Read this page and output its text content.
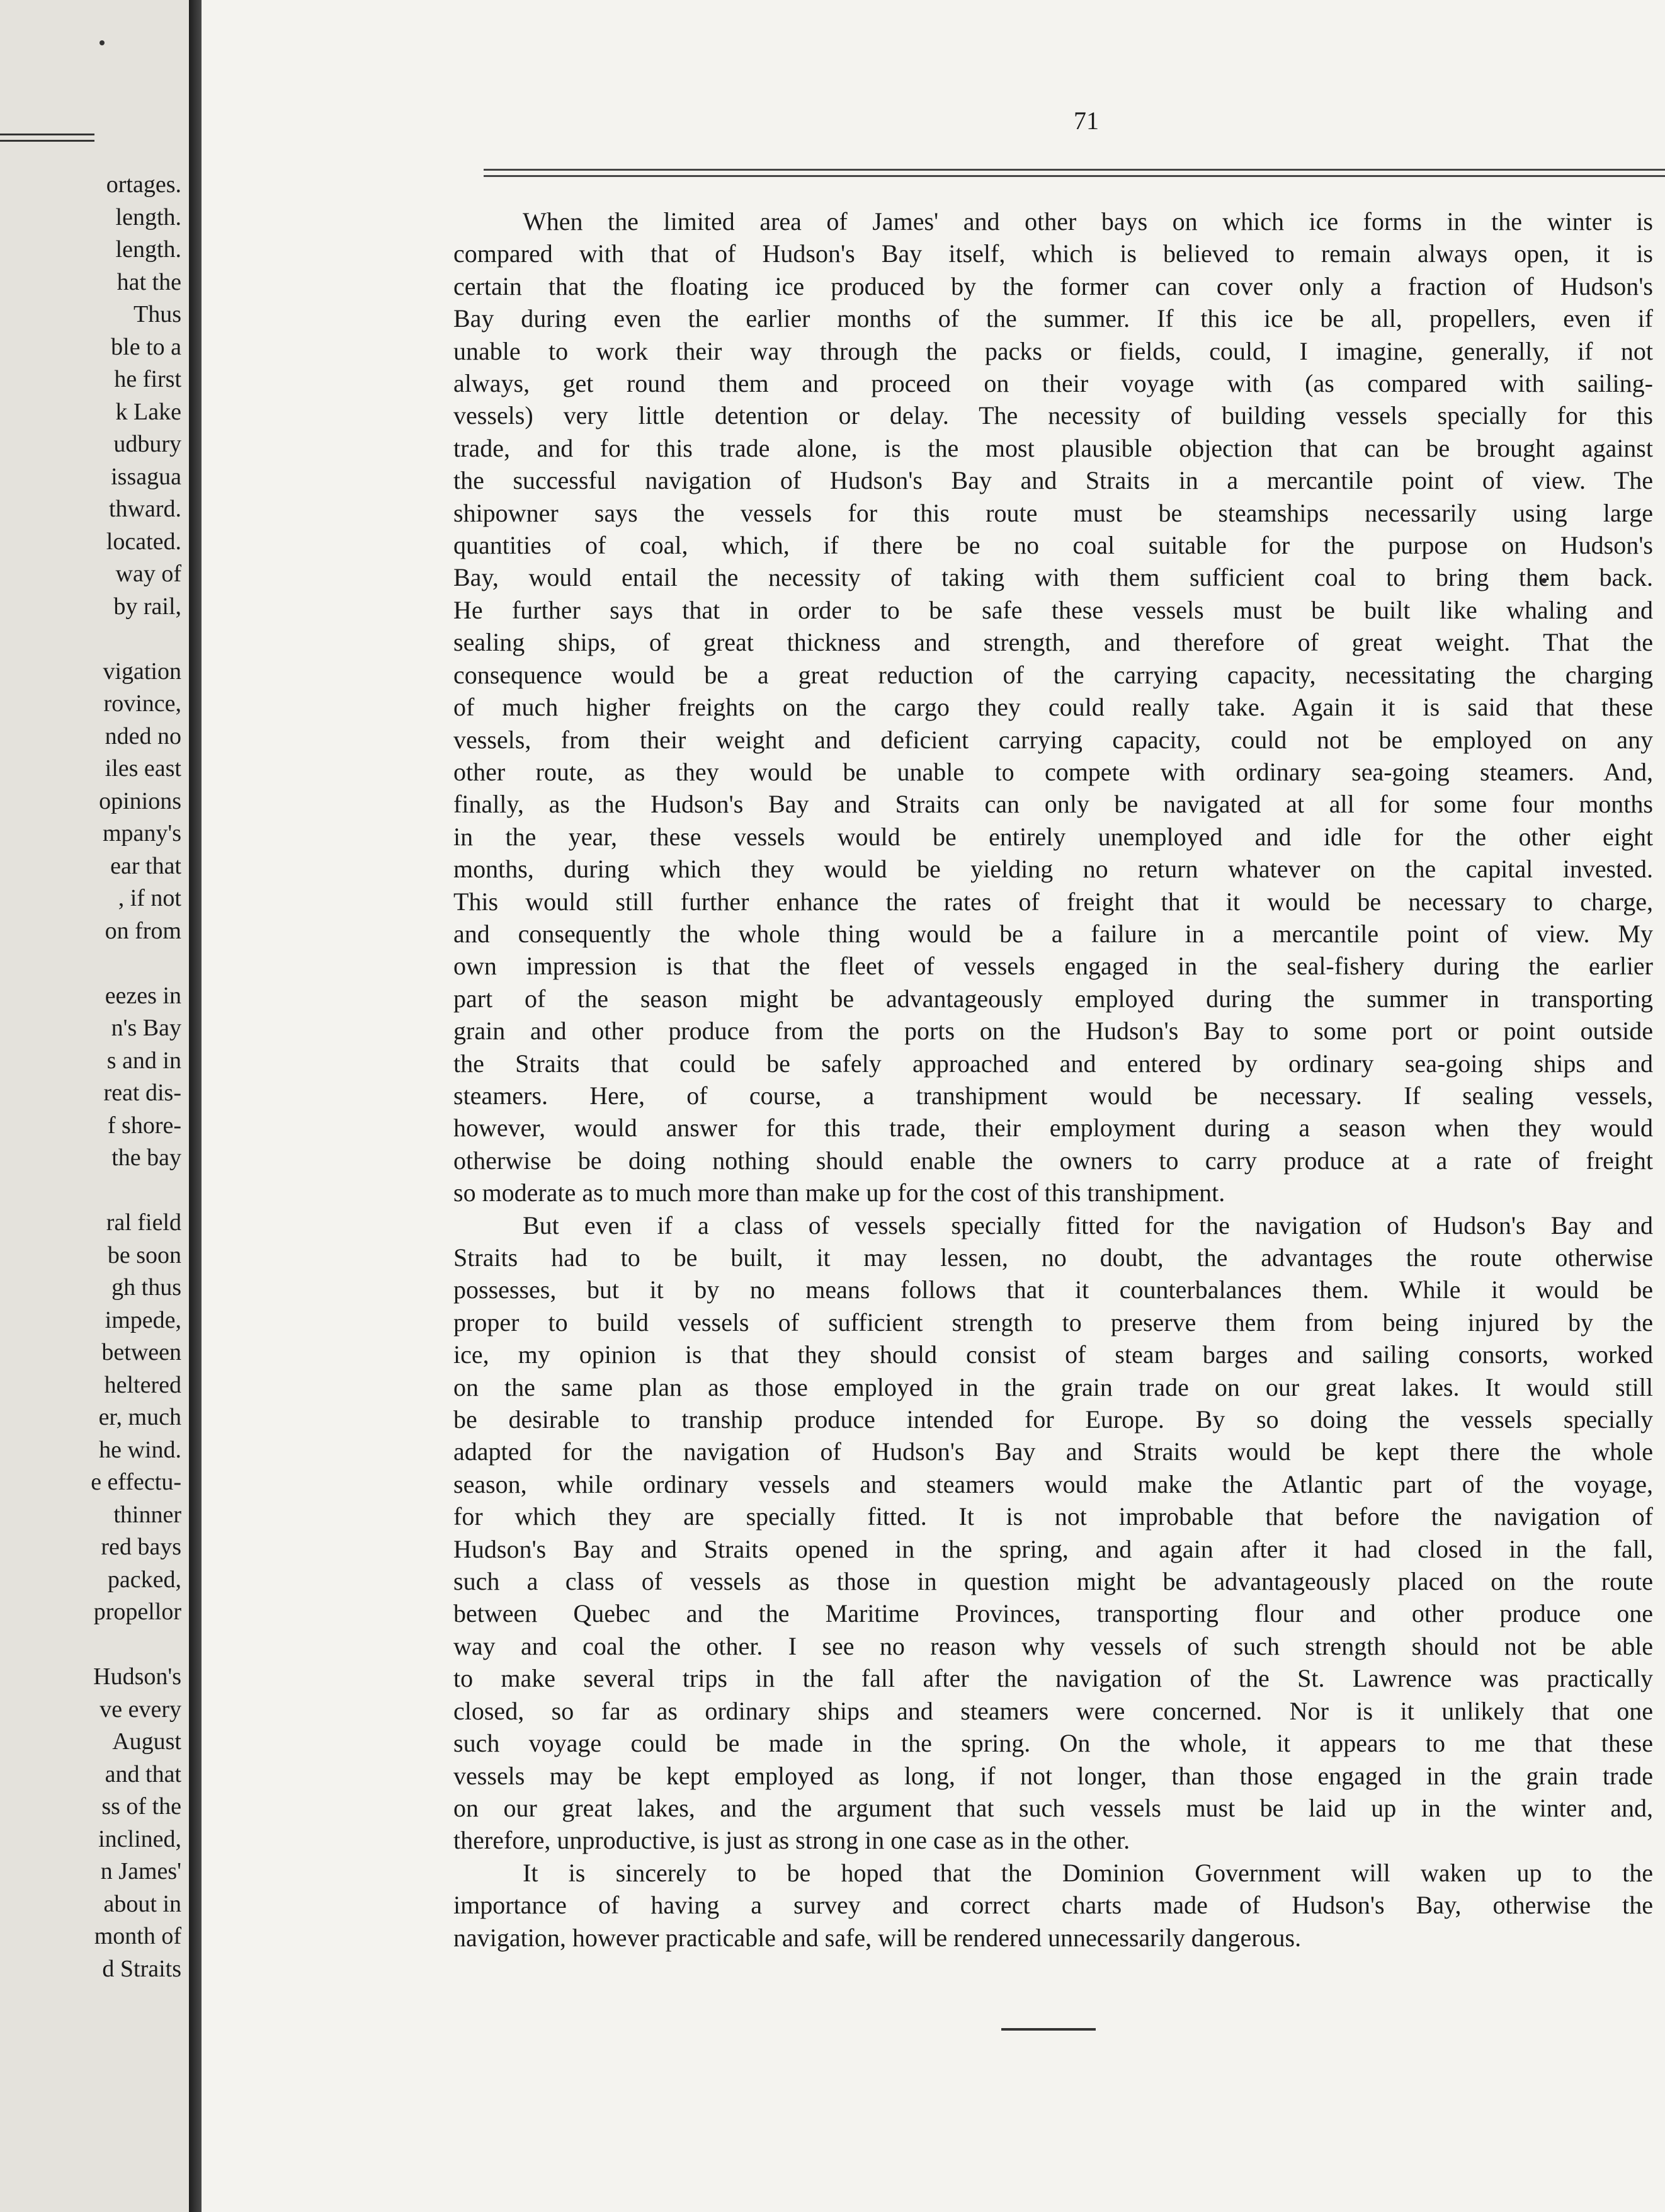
ortages.
length.
length.
hat the
Thus
ble to a
he first
k Lake
udbury
issagua
thward.
located.
way of
by rail,

vigation
rovince,
nded no
iles east
opinions
mpany's
ear that
, if not
on from

eezes in
n's Bay
s and in
reat dis-
f shore-
the bay

ral field
be soon
gh thus
impede,
between
heltered
er, much
he wind.
e effectu-
thinner
red bays
packed,
propellor

Hudson's
ve every
August
and that
ss of the
inclined,
n James'
about in
month of
d Straits
71
When the limited area of James' and other bays on which ice forms in the winter is
compared with that of Hudson's Bay itself, which is believed to remain always open, it is
certain that the floating ice produced by the former can cover only a fraction of Hudson's
Bay during even the earlier months of the summer. If this ice be all, propellers, even if
unable to work their way through the packs or fields, could, I imagine, generally, if not
always, get round them and proceed on their voyage with (as compared with sailing-
vessels) very little detention or delay. The necessity of building vessels specially for this
trade, and for this trade alone, is the most plausible objection that can be brought against
the successful navigation of Hudson's Bay and Straits in a mercantile point of view. The
shipowner says the vessels for this route must be steamships necessarily using large
quantities of coal, which, if there be no coal suitable for the purpose on Hudson's
Bay, would entail the necessity of taking with them sufficient coal to bring them back.
He further says that in order to be safe these vessels must be built like whaling and
sealing ships, of great thickness and strength, and therefore of great weight. That the
consequence would be a great reduction of the carrying capacity, necessitating the charging
of much higher freights on the cargo they could really take. Again it is said that these
vessels, from their weight and deficient carrying capacity, could not be employed on any
other route, as they would be unable to compete with ordinary sea-going steamers. And,
finally, as the Hudson's Bay and Straits can only be navigated at all for some four months
in the year, these vessels would be entirely unemployed and idle for the other eight
months, during which they would be yielding no return whatever on the capital invested.
This would still further enhance the rates of freight that it would be necessary to charge,
and consequently the whole thing would be a failure in a mercantile point of view. My
own impression is that the fleet of vessels engaged in the seal-fishery during the earlier
part of the season might be advantageously employed during the summer in transporting
grain and other produce from the ports on the Hudson's Bay to some port or point outside
the Straits that could be safely approached and entered by ordinary sea-going ships and
steamers. Here, of course, a transhipment would be necessary. If sealing vessels,
however, would answer for this trade, their employment during a season when they would
otherwise be doing nothing should enable the owners to carry produce at a rate of freight
so moderate as to much more than make up for the cost of this transhipment.
But even if a class of vessels specially fitted for the navigation of Hudson's Bay and
Straits had to be built, it may lessen, no doubt, the advantages the route otherwise
possesses, but it by no means follows that it counterbalances them. While it would be
proper to build vessels of sufficient strength to preserve them from being injured by the
ice, my opinion is that they should consist of steam barges and sailing consorts, worked
on the same plan as those employed in the grain trade on our great lakes. It would still
be desirable to tranship produce intended for Europe. By so doing the vessels specially
adapted for the navigation of Hudson's Bay and Straits would be kept there the whole
season, while ordinary vessels and steamers would make the Atlantic part of the voyage,
for which they are specially fitted. It is not improbable that before the navigation of
Hudson's Bay and Straits opened in the spring, and again after it had closed in the fall,
such a class of vessels as those in question might be advantageously placed on the route
between Quebec and the Maritime Provinces, transporting flour and other produce one
way and coal the other. I see no reason why vessels of such strength should not be able
to make several trips in the fall after the navigation of the St. Lawrence was practically
closed, so far as ordinary ships and steamers were concerned. Nor is it unlikely that one
such voyage could be made in the spring. On the whole, it appears to me that these
vessels may be kept employed as long, if not longer, than those engaged in the grain trade
on our great lakes, and the argument that such vessels must be laid up in the winter and,
therefore, unproductive, is just as strong in one case as in the other.
It is sincerely to be hoped that the Dominion Government will waken up to the
importance of having a survey and correct charts made of Hudson's Bay, otherwise the
navigation, however practicable and safe, will be rendered unnecessarily dangerous.
